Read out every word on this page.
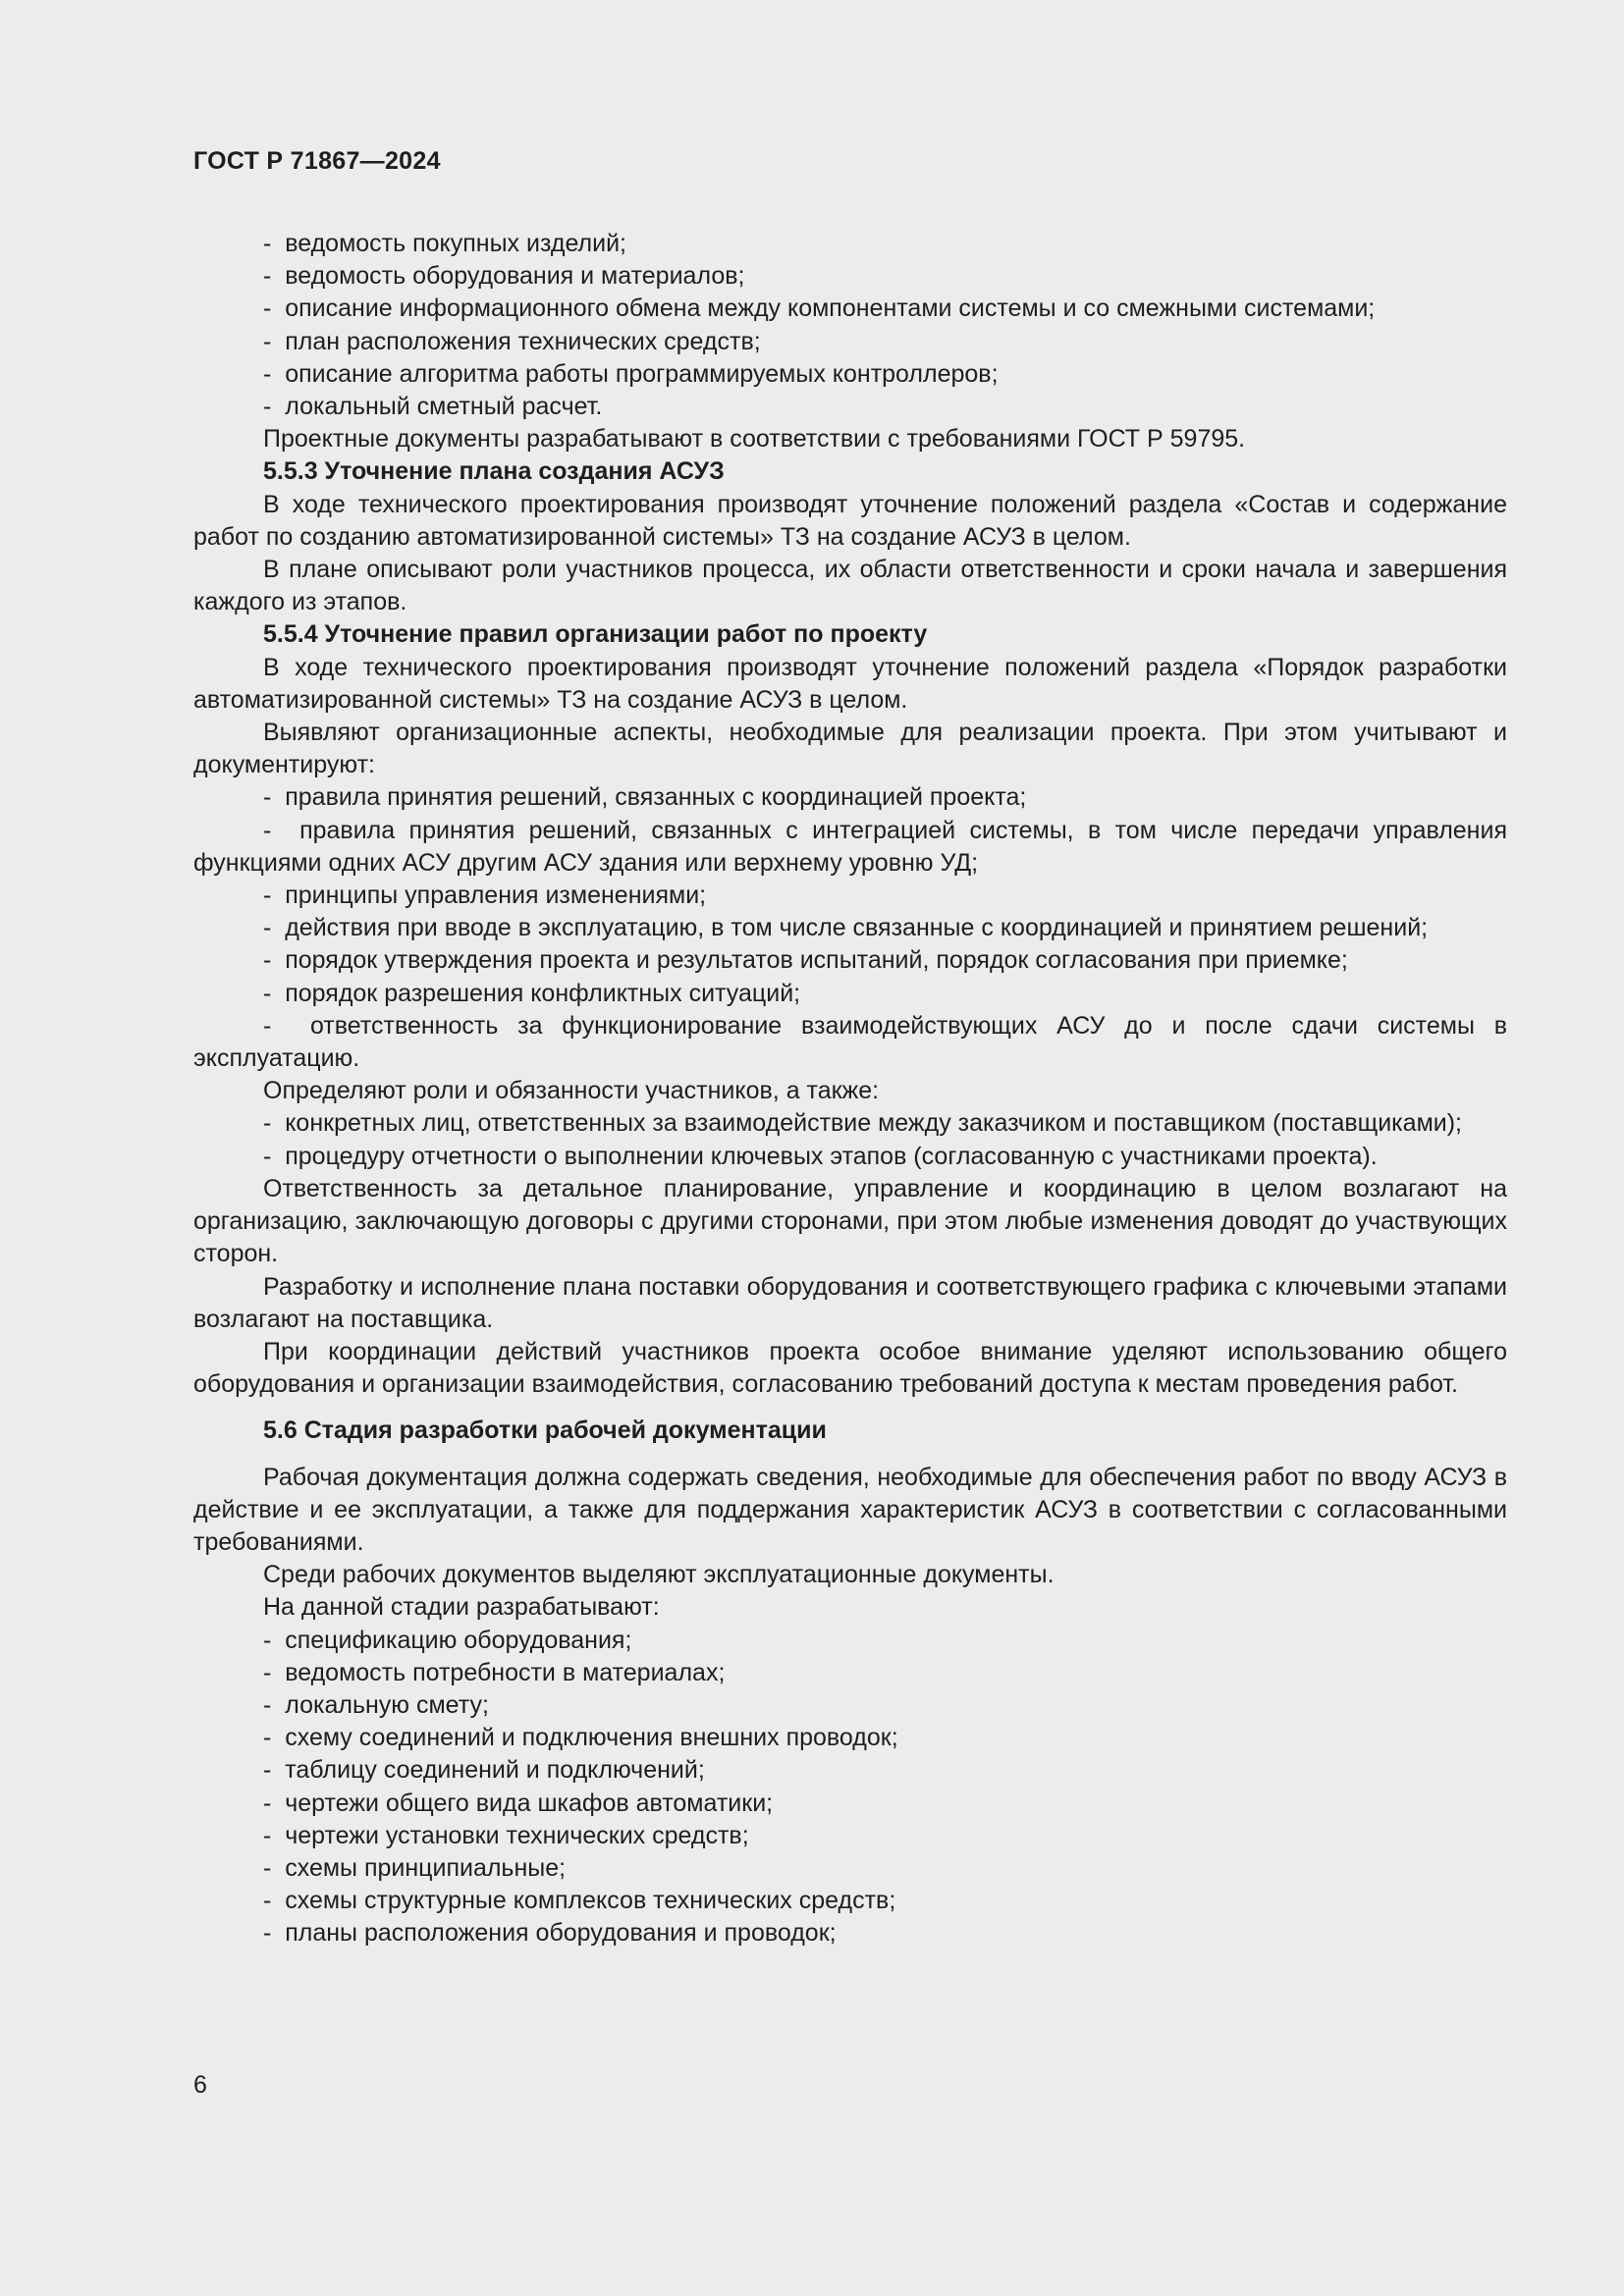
ГОСТ Р 71867—2024
-  ведомость покупных изделий;
-  ведомость оборудования и материалов;
-  описание информационного обмена между компонентами системы и со смежными системами;
-  план расположения технических средств;
-  описание алгоритма работы программируемых контроллеров;
-  локальный сметный расчет.
Проектные документы разрабатывают в соответствии с требованиями ГОСТ Р 59795.
5.5.3 Уточнение плана создания АСУЗ
В ходе технического проектирования производят уточнение положений раздела «Состав и содержание работ по созданию автоматизированной системы» ТЗ на создание АСУЗ в целом.
В плане описывают роли участников процесса, их области ответственности и сроки начала и завершения каждого из этапов.
5.5.4 Уточнение правил организации работ по проекту
В ходе технического проектирования производят уточнение положений раздела «Порядок разработки автоматизированной системы» ТЗ на создание АСУЗ в целом.
Выявляют организационные аспекты, необходимые для реализации проекта. При этом учитывают и документируют:
-  правила принятия решений, связанных с координацией проекта;
-  правила принятия решений, связанных с интеграцией системы, в том числе передачи управления функциями одних АСУ другим АСУ здания или верхнему уровню УД;
-  принципы управления изменениями;
-  действия при вводе в эксплуатацию, в том числе связанные с координацией и принятием решений;
-  порядок утверждения проекта и результатов испытаний, порядок согласования при приемке;
-  порядок разрешения конфликтных ситуаций;
-  ответственность за функционирование взаимодействующих АСУ до и после сдачи системы в эксплуатацию.
Определяют роли и обязанности участников, а также:
-  конкретных лиц, ответственных за взаимодействие между заказчиком и поставщиком (поставщиками);
-  процедуру отчетности о выполнении ключевых этапов (согласованную с участниками проекта).
Ответственность за детальное планирование, управление и координацию в целом возлагают на организацию, заключающую договоры с другими сторонами, при этом любые изменения доводят до участвующих сторон.
Разработку и исполнение плана поставки оборудования и соответствующего графика с ключевыми этапами возлагают на поставщика.
При координации действий участников проекта особое внимание уделяют использованию общего оборудования и организации взаимодействия, согласованию требований доступа к местам проведения работ.
5.6 Стадия разработки рабочей документации
Рабочая документация должна содержать сведения, необходимые для обеспечения работ по вводу АСУЗ в действие и ее эксплуатации, а также для поддержания характеристик АСУЗ в соответствии с согласованными требованиями.
Среди рабочих документов выделяют эксплуатационные документы.
На данной стадии разрабатывают:
-  спецификацию оборудования;
-  ведомость потребности в материалах;
-  локальную смету;
-  схему соединений и подключения внешних проводок;
-  таблицу соединений и подключений;
-  чертежи общего вида шкафов автоматики;
-  чертежи установки технических средств;
-  схемы принципиальные;
-  схемы структурные комплексов технических средств;
-  планы расположения оборудования и проводок;
6
